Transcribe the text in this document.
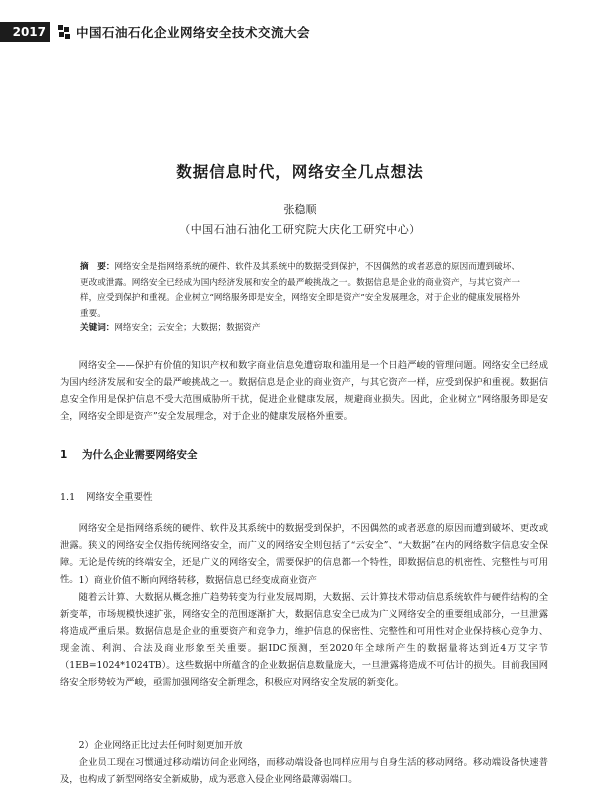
2017	中国石油石化企业网络安全技术交流大会
数据信息时代，网络安全几点想法
张稳顺
（中国石油石油化工研究院大庆化工研究中心）

摘　要：网络安全是指网络系统的硬件、软件及其系统中的数据受到保护，不因偶然的或者恶意的原因而遭到破坏、更改或泄露。网络安全已经成为国内经济发展和安全的最严峻挑战之一。数据信息是企业的商业资产，与其它资产一样，应受到保护和重视。企业树立“网络服务即是安全，网络安全即是资产”安全发展理念，对于企业的健康发展格外重要。

关键词：网络安全；云安全；大数据；数据资产

网络安全——保护有价值的知识产权和数字商业信息免遭窃取和滥用是一个日趋严峻的管理问题。网络安全已经成为国内经济发展和安全的最严峻挑战之一。数据信息是企业的商业资产，与其它资产一样，应受到保护和重视。数据信息安全作用是保护信息不受大范围威胁所干扰，促进企业健康发展，规避商业损失。因此，企业树立“网络服务即是安全，网络安全即是资产”安全发展理念，对于企业的健康发展格外重要。

1 为什么企业需要网络安全
1.1 网络安全重要性

网络安全是指网络系统的硬件、软件及其系统中的数据受到保护，不因偶然的或者恶意的原因而遭到破坏、更改或泄露。狭义的网络安全仅指传统网络安全，而广义的网络安全则包括了“云安全”、“大数据”在内的网络数字信息安全保障。无论是传统的终端安全，还是广义的网络安全，需要保护的信息都一个特性，即数据信息的机密性、完整性与可用性。 1）商业价值不断向网络转移，数据信息已经变成商业资产

随着云计算、大数据从概念推广趋势转变为行业发展周期，大数据、云计算技术带动信息系统软件与硬件结构的全新变革，市场规模快速扩张，网络安全的范围逐渐扩大，数据信息安全已成为广义网络安全的重要组成部分，一旦泄露将造成严重后果。数据信息是企业的重要资产和竞争力，维护信息的保密性、完整性和可用性对企业保持核心竞争力、现金流、利润、合法及商业形象至关重要。据IDC预测，至2020年全球所产生的数据量将达到近4万艾字节（1EB=1024*1024TB）。这些数据中所蕴含的企业数据信息数量庞大，一旦泄露将造成不可估计的损失。目前我国网络安全形势较为严峻，亟需加强网络安全新理念，积极应对网络安全发展的新变化。

2）企业网络正比过去任何时刻更加开放

企业员工现在习惯通过移动端访问企业网络，而移动端设备也同样应用与自身生活的移动网络。移动端设备快速普及，也构成了新型网络安全新威胁，成为恶意入侵企业网络最薄弱端口。
